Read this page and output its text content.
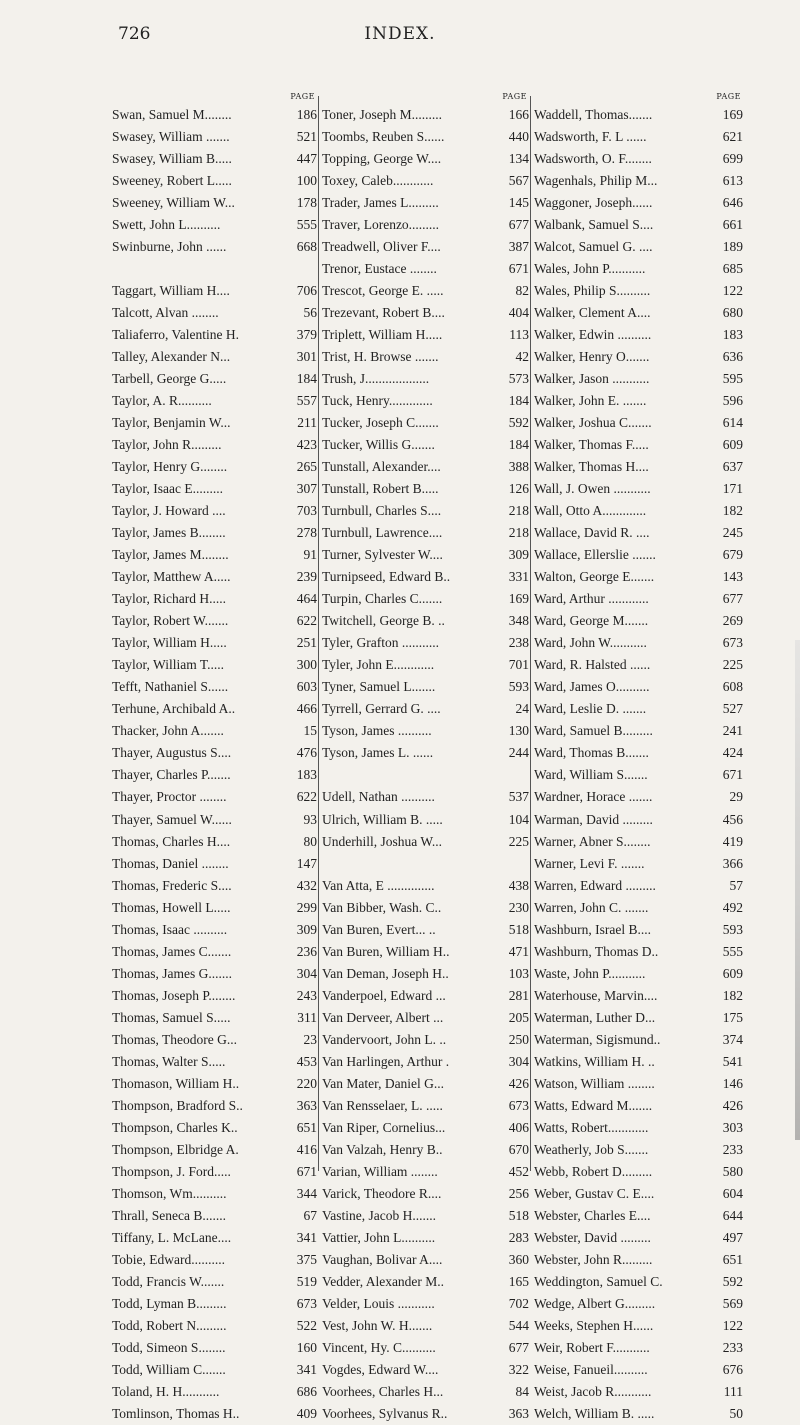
726	INDEX.
PAGE
Swan, Samuel M........	186
Swasey, William .......	521
Swasey, William B.....	447
Sweeney, Robert L.....	100
Sweeney, William W...	178
Swett, John L..........	555
Swinburne, John ......	668
Taggart, William H....	706
Talcott, Alvan ........	56
Taliaferro, Valentine H.	379
Talley, Alexander N...	301
Tarbell, George G.....	184
Taylor, A. R..........	557
Taylor, Benjamin W...	211
Taylor, John R.........	423
Taylor, Henry G........	265
Taylor, Isaac E.........	307
Taylor, J. Howard ....	703
Taylor, James B........	278
Taylor, James M........	91
Taylor, Matthew A.....	239
Taylor, Richard H.....	464
Taylor, Robert W.......	622
Taylor, William H.....	251
Taylor, William T.....	300
Tefft, Nathaniel S......	603
Terhune, Archibald A..	466
Thacker, John A.......	15
Thayer, Augustus S....	476
Thayer, Charles P.......	183
Thayer, Proctor ........	622
Thayer, Samuel W......	93
Thomas, Charles H....	80
Thomas, Daniel ........	147
Thomas, Frederic S....	432
Thomas, Howell L.....	299
Thomas, Isaac ..........	309
Thomas, James C.......	236
Thomas, James G.......	304
Thomas, Joseph P........	243
Thomas, Samuel S.....	311
Thomas, Theodore G...	23
Thomas, Walter S.....	453
Thomason, William H..	220
Thompson, Bradford S..	363
Thompson, Charles K..	651
Thompson, Elbridge A.	416
Thompson, J. Ford.....	671
Thomson, Wm..........	344
Thrall, Seneca B.......	67
Tiffany, L. McLane....	341
Tobie, Edward..........	375
Todd, Francis W.......	519
Todd, Lyman B.........	673
Todd, Robert N.........	522
Todd, Simeon S........	160
Todd, William C.......	341
Toland, H. H...........	686
Tomlinson, Thomas H..	409
PAGE
Toner, Joseph M.........	166
Toombs, Reuben S......	440
Topping, George W....	134
Toxey, Caleb............	567
Trader, James L.........	145
Traver, Lorenzo.........	677
Treadwell, Oliver F....	387
Trenor, Eustace ........	671
Trescot, George E. .....	82
Trezevant, Robert B....	404
Triplett, William H.....	113
Trist, H. Browse .......	42
Trush, J...................	573
Tuck, Henry.............	184
Tucker, Joseph C.......	592
Tucker, Willis G.......	184
Tunstall, Alexander....	388
Tunstall, Robert B.....	126
Turnbull, Charles S....	218
Turnbull, Lawrence....	218
Turner, Sylvester W....	309
Turnipseed, Edward B..	331
Turpin, Charles C.......	169
Twitchell, George B. ..	348
Tyler, Grafton ...........	238
Tyler, John E............	701
Tyner, Samuel L.......	593
Tyrrell, Gerrard G. ....	24
Tyson, James ..........	130
Tyson, James L. ......	244
Udell, Nathan ..........	537
Ulrich, William B. .....	104
Underhill, Joshua W...	225
Van Atta, E ..............	438
Van Bibber, Wash. C..	230
Van Buren, Evert... ..	518
Van Buren, William H..	471
Van Deman, Joseph H..	103
Vanderpoel, Edward ...	281
Van Derveer, Albert ...	205
Vandervoort, John L. ..	250
Van Harlingen, Arthur .	304
Van Mater, Daniel G...	426
Van Rensselaer, L. .....	673
Van Riper, Cornelius...	406
Van Valzah, Henry B..	670
Varian, William ........	452
Varick, Theodore R....	256
Vastine, Jacob H.......	518
Vattier, John L..........	283
Vaughan, Bolivar A....	360
Vedder, Alexander M..	165
Velder, Louis ...........	702
Vest, John W. H.......	544
Vincent, Hy. C..........	677
Vogdes, Edward W....	322
Voorhees, Charles H...	84
Voorhees, Sylvanus R..	363
PAGE
Waddell, Thomas.......	169
Wadsworth, F. L ......	621
Wadsworth, O. F........	699
Wagenhals, Philip M...	613
Waggoner, Joseph......	646
Walbank, Samuel S....	661
Walcot, Samuel G. ....	189
Wales, John P...........	685
Wales, Philip S..........	122
Walker, Clement A....	680
Walker, Edwin ..........	183
Walker, Henry O.......	636
Walker, Jason ...........	595
Walker, John E. .......	596
Walker, Joshua C.......	614
Walker, Thomas F.....	609
Walker, Thomas H....	637
Wall, J. Owen ...........	171
Wall, Otto A.............	182
Wallace, David R. ....	245
Wallace, Ellerslie .......	679
Walton, George E.......	143
Ward, Arthur ............	677
Ward, George M.......	269
Ward, John W...........	673
Ward, R. Halsted ......	225
Ward, James O..........	608
Ward, Leslie D. .......	527
Ward, Samuel B.........	241
Ward, Thomas B.......	424
Ward, William S.......	671
Wardner, Horace .......	29
Warman, David .........	456
Warner, Abner S........	419
Warner, Levi F. .......	366
Warren, Edward .........	57
Warren, John C. .......	492
Washburn, Israel B....	593
Washburn, Thomas D..	555
Waste, John P...........	609
Waterhouse, Marvin....	182
Waterman, Luther D...	175
Waterman, Sigismund..	374
Watkins, William H. ..	541
Watson, William ........	146
Watts, Edward M.......	426
Watts, Robert............	303
Weatherly, Job S.......	233
Webb, Robert D.........	580
Weber, Gustav C. E....	604
Webster, Charles E....	644
Webster, David .........	497
Webster, John R.........	651
Weddington, Samuel C.	592
Wedge, Albert G.........	569
Weeks, Stephen H......	122
Weir, Robert F...........	233
Weise, Fanueil..........	676
Weist, Jacob R...........	111
Welch, William B. .....	50
